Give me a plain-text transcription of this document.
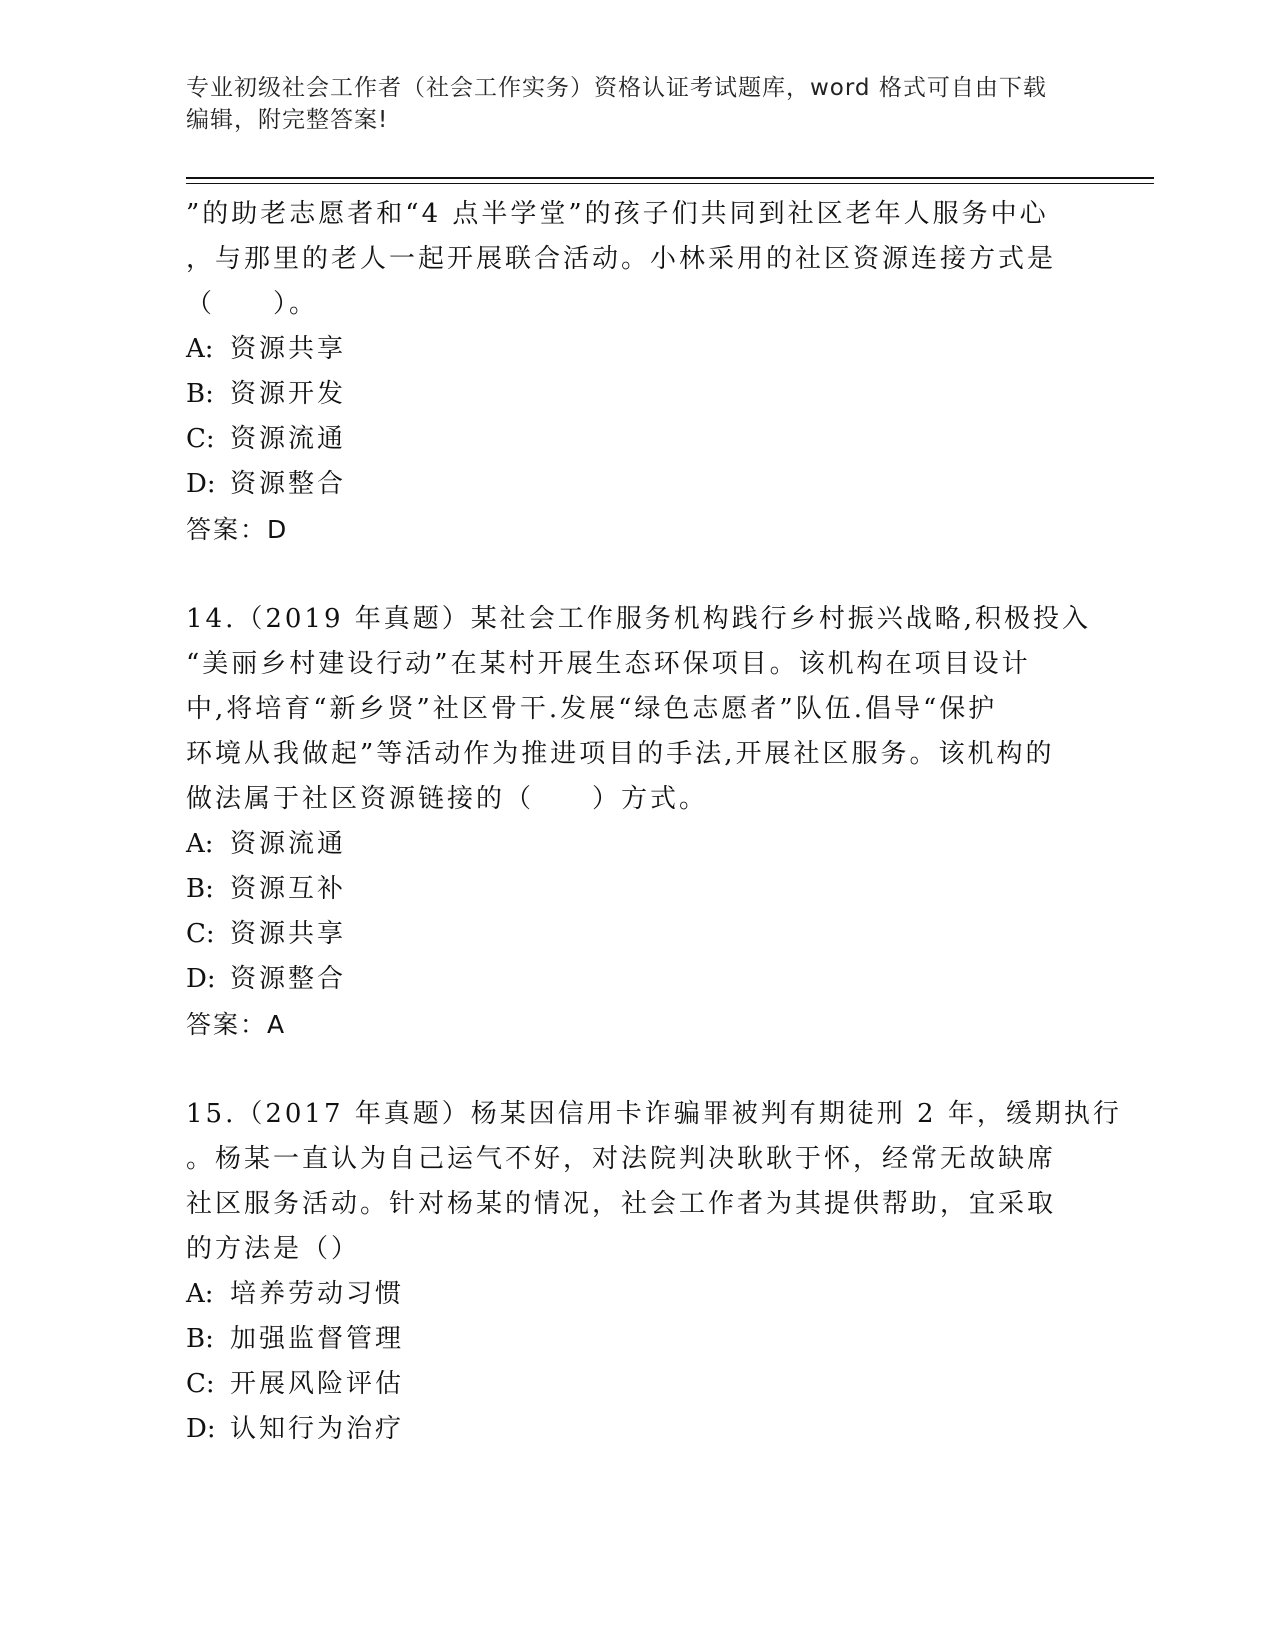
专业初级社会工作者（社会工作实务）资格认证考试题库，word 格式可自由下载
编辑，附完整答案!
”的助老志愿者和“4 点半学堂”的孩子们共同到社区老年人服务中心
，与那里的老人一起开展联合活动。小林采用的社区资源连接方式是
（　　）。
A: 资源共享
B: 资源开发
C: 资源流通
D: 资源整合
答案：D
14.（2019 年真题）某社会工作服务机构践行乡村振兴战略,积极投入
“美丽乡村建设行动”在某村开展生态环保项目。该机构在项目设计
中,将培育“新乡贤”社区骨干.发展“绿色志愿者”队伍.倡导“保护
环境从我做起”等活动作为推进项目的手法,开展社区服务。该机构的
做法属于社区资源链接的（　　）方式。
A: 资源流通
B: 资源互补
C: 资源共享
D: 资源整合
答案：A
15.（2017 年真题）杨某因信用卡诈骗罪被判有期徒刑 2 年，缓期执行
。杨某一直认为自己运气不好，对法院判决耿耿于怀，经常无故缺席
社区服务活动。针对杨某的情况，社会工作者为其提供帮助，宜采取
的方法是（）
A: 培养劳动习惯
B: 加强监督管理
C: 开展风险评估
D: 认知行为治疗
